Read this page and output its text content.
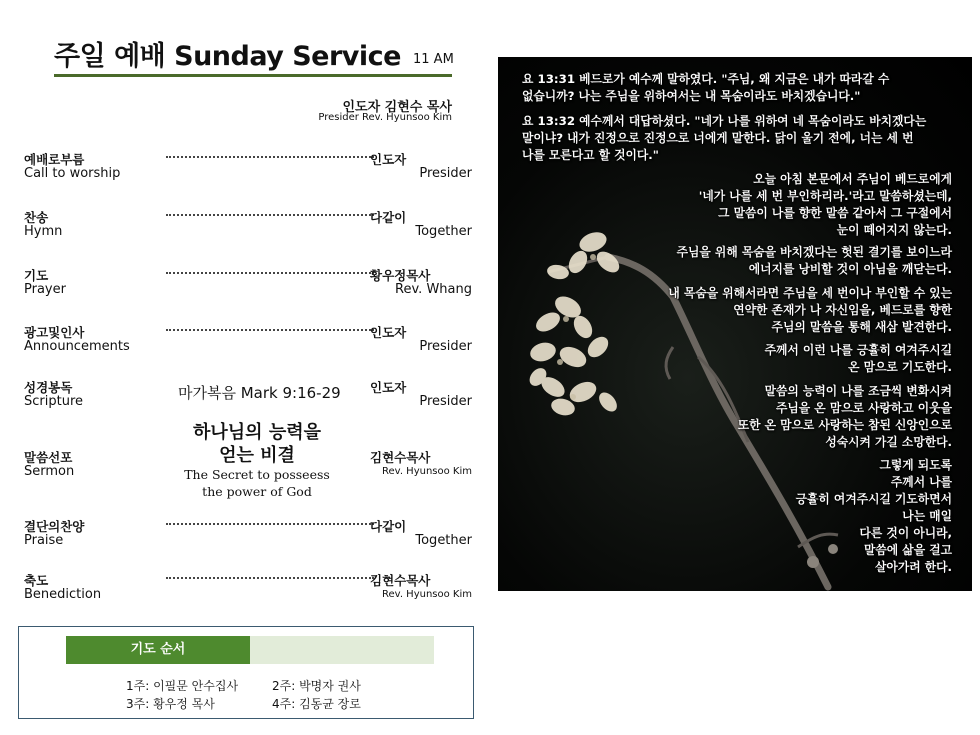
주일 예배 Sunday Service 11 AM
인도자 김현수 목사
Presider Rev. Hyunsoo Kim
예배로부름
Call to worship
인도자
Presider
찬송
Hymn
다같이
Together
기도
Prayer
황우정목사
Rev. Whang
광고및인사
Announcements
인도자
Presider
성경봉독
Scripture
인도자
Presider
마가복음 Mark 9:16-29
말씀선포
Sermon
김현수목사
Rev. Hyunsoo Kim
하나님의 능력을
얻는 비결
The Secret to posseess
the power of God
결단의찬양
Praise
다같이
Together
축도
Benediction
김현수목사
Rev. Hyunsoo Kim
기도 순서
1주: 이필문 안수집사	2주: 박명자 권사
3주: 황우정 목사	4주: 김동균 장로
요 13:31 베드로가 예수께 말하였다. "주님, 왜 지금은 내가 따라갈 수
없습니까? 나는 주님을 위하여서는 내 목숨이라도 바치겠습니다."
요 13:32 예수께서 대답하셨다. "네가 나를 위하여 네 목숨이라도 바치겠다는
말이냐? 내가 진정으로 진정으로 너에게 말한다. 닭이 울기 전에, 너는 세 번
나를 모른다고 할 것이다."
오늘 아침 본문에서 주님이 베드로에게
'네가 나를 세 번 부인하리라.'라고 말씀하셨는데,
그 말씀이 나를 향한 말씀 같아서 그 구절에서
눈이 떼어지지 않는다.
주님을 위해 목숨을 바치겠다는 헛된 결기를 보이느라
에너지를 낭비할 것이 아님을 깨닫는다.
내 목숨을 위해서라면 주님을 세 번이나 부인할 수 있는
연약한 존재가 나 자신임을, 베드로를 향한
주님의 말씀을 통해 새삼 발견한다.
주께서 이런 나를 긍휼히 여겨주시길
온 맘으로 기도한다.
말씀의 능력이 나를 조금씩 변화시켜
주님을 온 맘으로 사랑하고 이웃을
또한 온 맘으로 사랑하는 참된 신앙인으로
성숙시켜 가길 소망한다.
그렇게 되도록
주께서 나를
긍휼히 여겨주시길 기도하면서
나는 매일
다른 것이 아니라,
말씀에 삶을 걸고
살아가려 한다.
